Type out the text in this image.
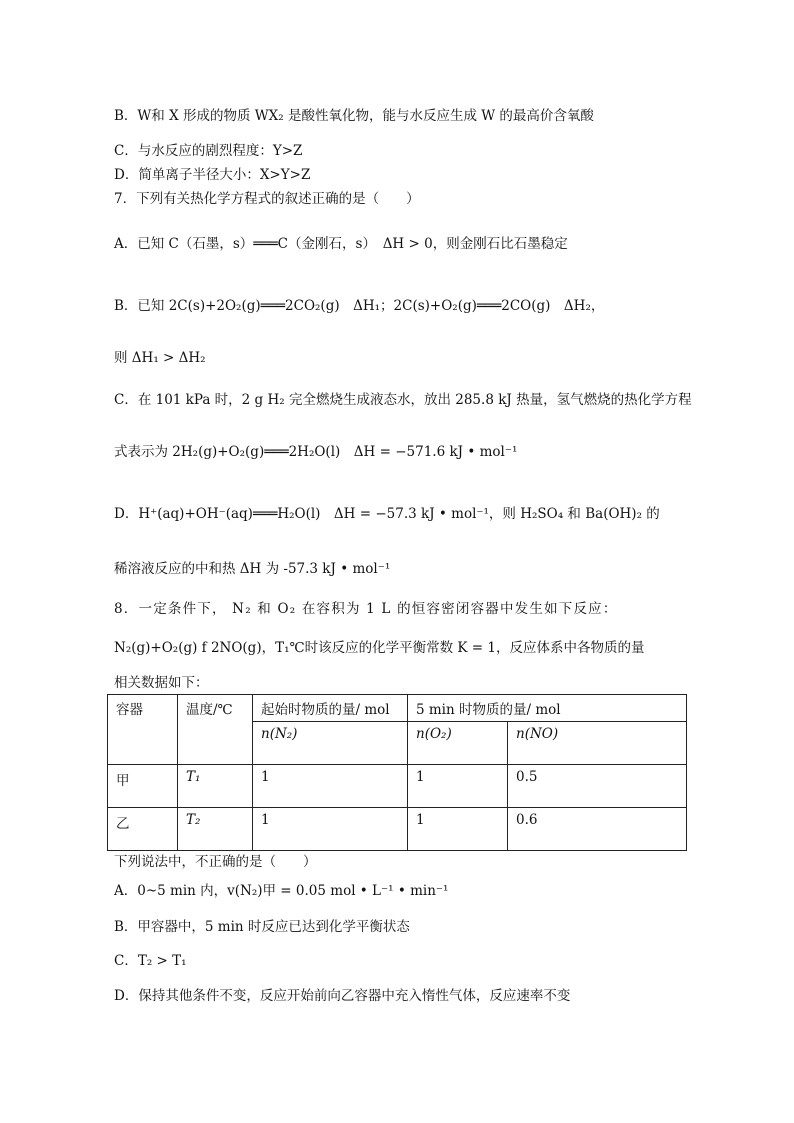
B．W和 X 形成的物质 WX₂ 是酸性氧化物，能与水反应生成 W 的最高价含氧酸
C．与水反应的剧烈程度：Y>Z
D．简单离子半径大小：X>Y>Z
7．下列有关热化学方程式的叙述正确的是（　　）
A．已知 C（石墨，s）═══C（金刚石，s）　ΔH > 0，则金刚石比石墨稳定
B．已知 2C(s)+2O₂(g)═══2CO₂(g)　ΔH₁；2C(s)+O₂(g)═══2CO(g)　ΔH₂，
则 ΔH₁ > ΔH₂
C．在 101 kPa 时，2 g H₂ 完全燃烧生成液态水，放出 285.8 kJ 热量，氢气燃烧的热化学方程
式表示为 2H₂(g)+O₂(g)═══2H₂O(l)　ΔH = −571.6 kJ • mol⁻¹
D．H⁺(aq)+OH⁻(aq)═══H₂O(l)　ΔH = −57.3 kJ • mol⁻¹，则 H₂SO₄ 和 Ba(OH)₂ 的
稀溶液反应的中和热 ΔH 为 -57.3 kJ • mol⁻¹
8．一定条件下， N₂ 和 O₂ 在容积为 1 L 的恒容密闭容器中发生如下反应：
N₂(g)+O₂(g) f 2NO(g)，T₁℃时该反应的化学平衡常数 K = 1，反应体系中各物质的量
相关数据如下：
容器	温度/℃	起始时物质的量/ mol	5 min 时物质的量/ mol	
		n(N₂)	n(O₂)	n(NO)
甲	T₁	1	1	0.5
乙	T₂	1	1	0.6
下列说法中，不正确的是（　　）
A．0~5 min 内，v(N₂)甲 = 0.05 mol • L⁻¹ • min⁻¹
B．甲容器中，5 min 时反应已达到化学平衡状态
C．T₂ > T₁
D．保持其他条件不变，反应开始前向乙容器中充入惰性气体，反应速率不变
